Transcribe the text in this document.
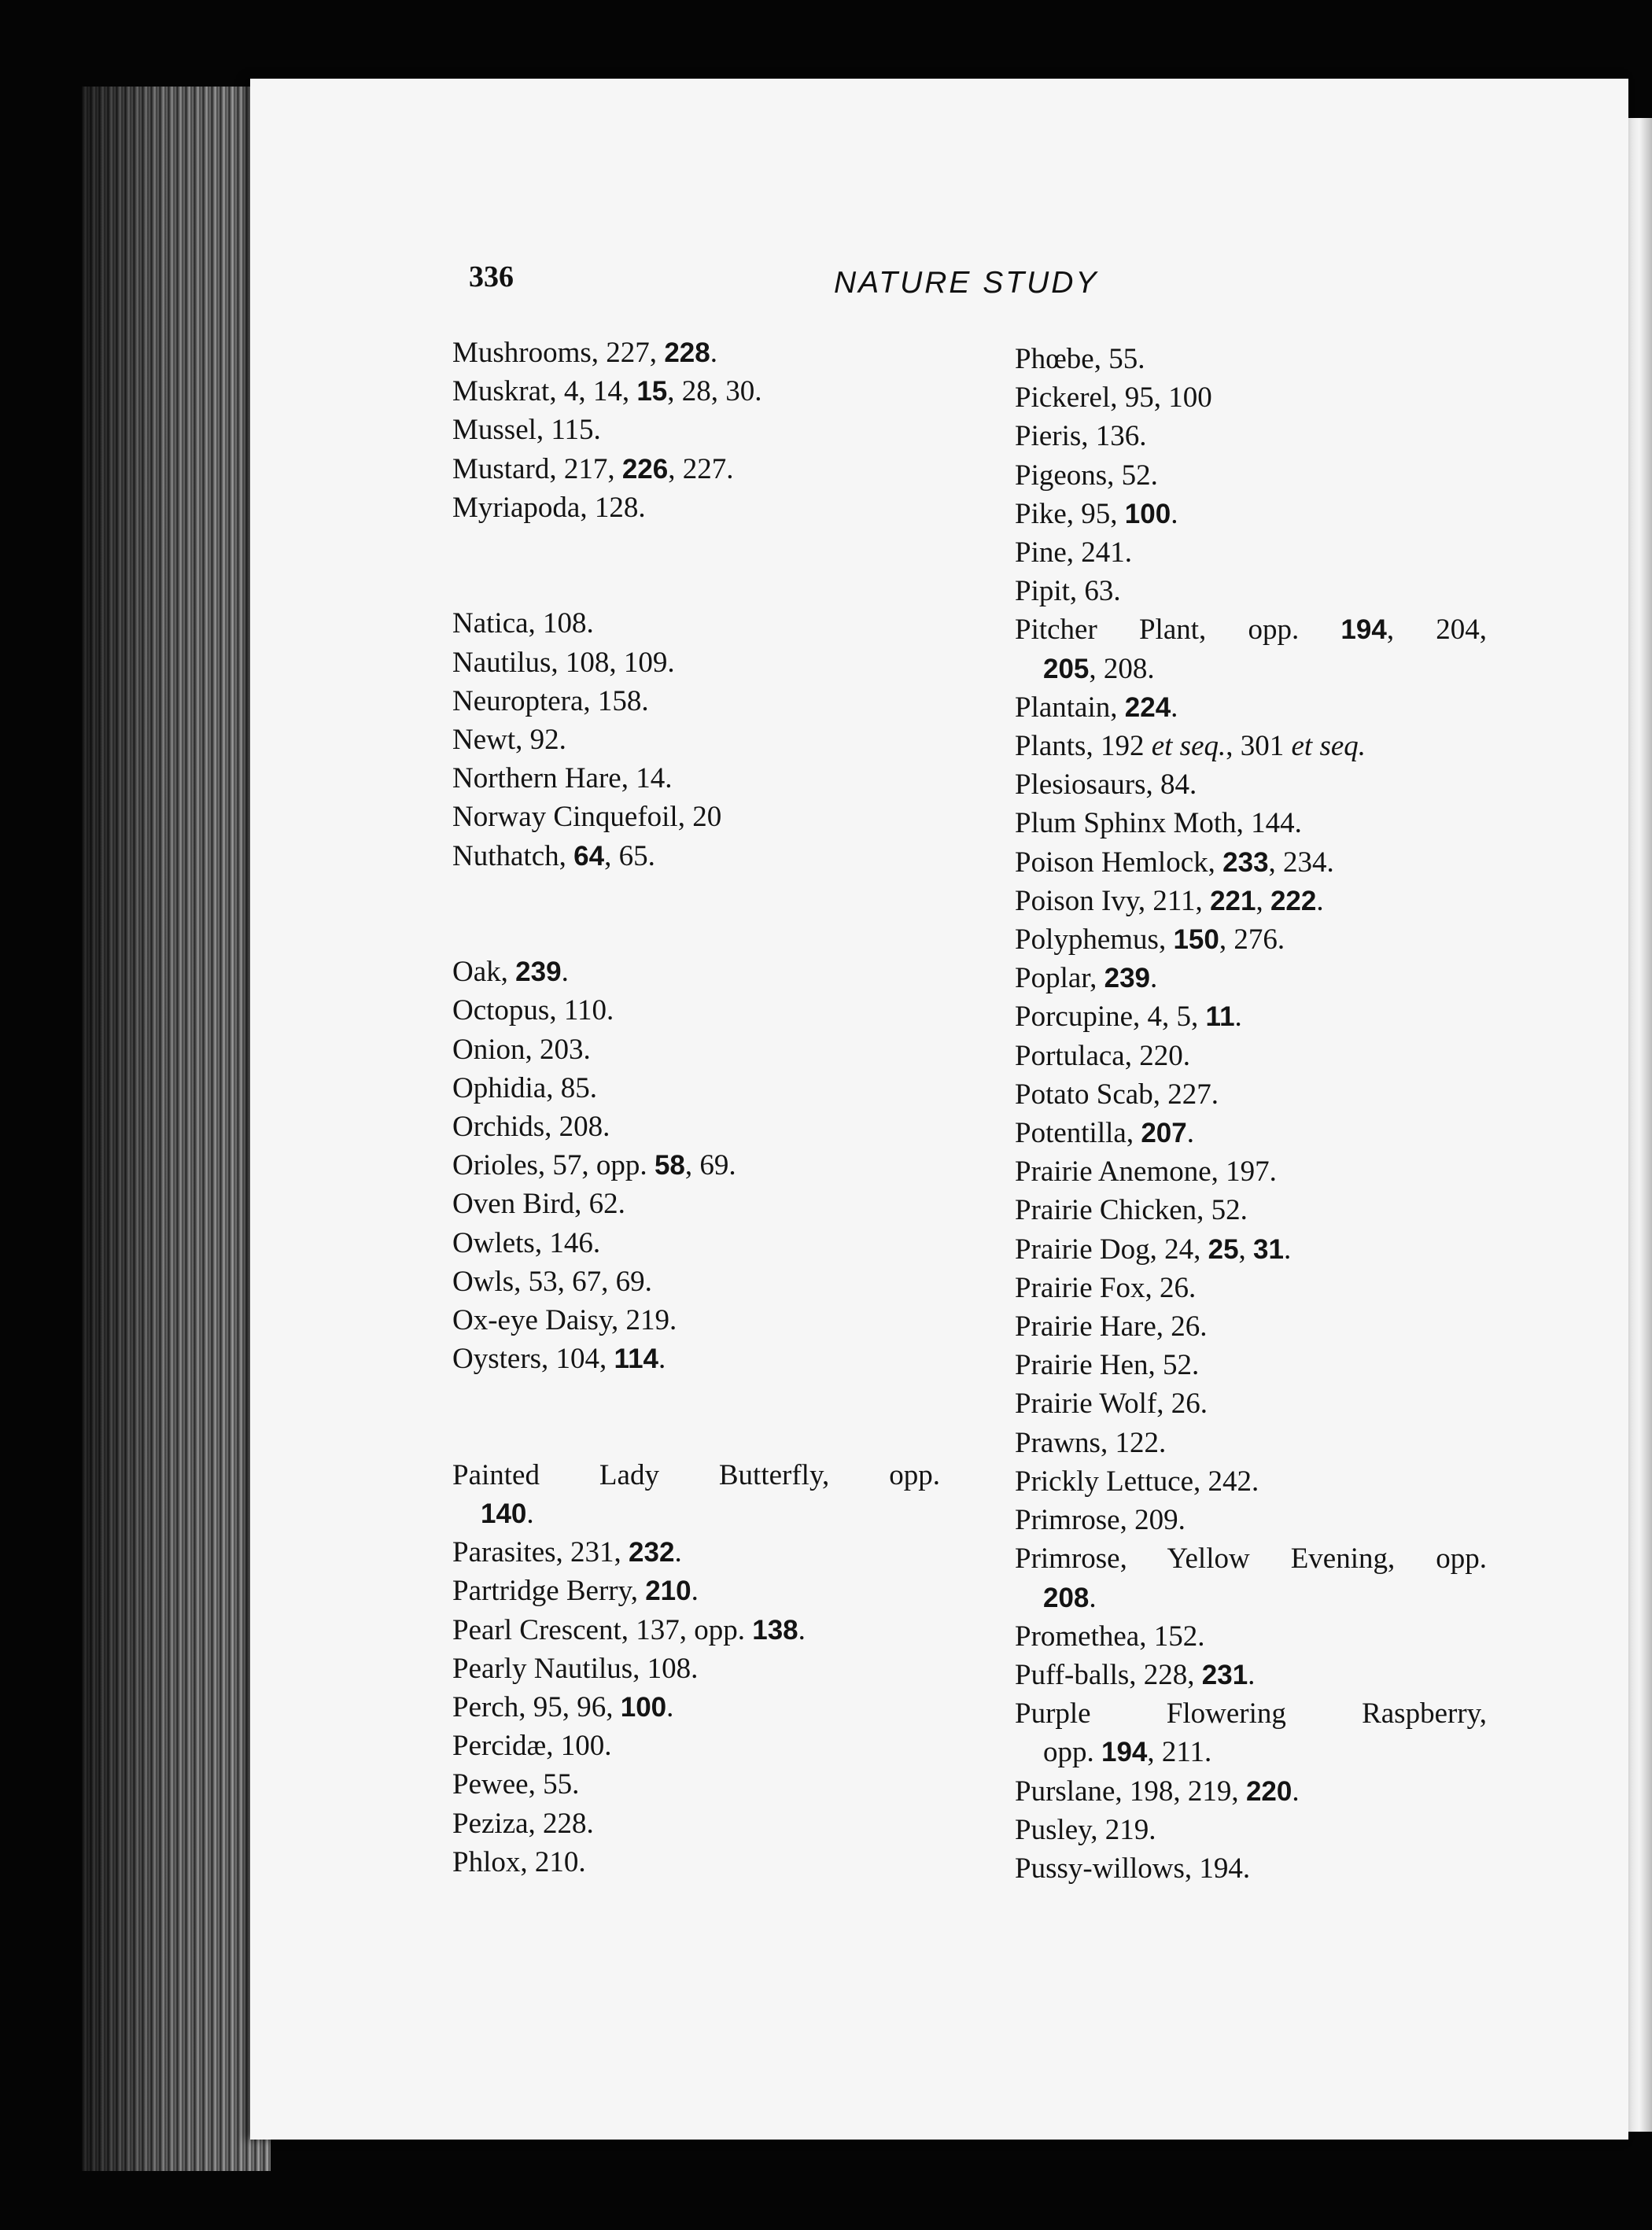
336	NATURE STUDY
Mushrooms, 227, 228.
Muskrat, 4, 14, 15, 28, 30.
Mussel, 115.
Mustard, 217, 226, 227.
Myriapoda, 128.
Natica, 108.
Nautilus, 108, 109.
Neuroptera, 158.
Newt, 92.
Northern Hare, 14.
Norway Cinquefoil, 20
Nuthatch, 64, 65.
Oak, 239.
Octopus, 110.
Onion, 203.
Ophidia, 85.
Orchids, 208.
Orioles, 57, opp. 58, 69.
Oven Bird, 62.
Owlets, 146.
Owls, 53, 67, 69.
Ox-eye Daisy, 219.
Oysters, 104, 114.
Painted Lady Butterfly, opp.
140.
Parasites, 231, 232.
Partridge Berry, 210.
Pearl Crescent, 137, opp. 138.
Pearly Nautilus, 108.
Perch, 95, 96, 100.
Percidæ, 100.
Pewee, 55.
Peziza, 228.
Phlox, 210.
Phœbe, 55.
Pickerel, 95, 100
Pieris, 136.
Pigeons, 52.
Pike, 95, 100.
Pine, 241.
Pipit, 63.
Pitcher Plant, opp. 194, 204,
205, 208.
Plantain, 224.
Plants, 192 et seq., 301 et seq.
Plesiosaurs, 84.
Plum Sphinx Moth, 144.
Poison Hemlock, 233, 234.
Poison Ivy, 211, 221, 222.
Polyphemus, 150, 276.
Poplar, 239.
Porcupine, 4, 5, 11.
Portulaca, 220.
Potato Scab, 227.
Potentilla, 207.
Prairie Anemone, 197.
Prairie Chicken, 52.
Prairie Dog, 24, 25, 31.
Prairie Fox, 26.
Prairie Hare, 26.
Prairie Hen, 52.
Prairie Wolf, 26.
Prawns, 122.
Prickly Lettuce, 242.
Primrose, 209.
Primrose, Yellow Evening, opp.
208.
Promethea, 152.
Puff-balls, 228, 231.
Purple Flowering Raspberry,
opp. 194, 211.
Purslane, 198, 219, 220.
Pusley, 219.
Pussy-willows, 194.
